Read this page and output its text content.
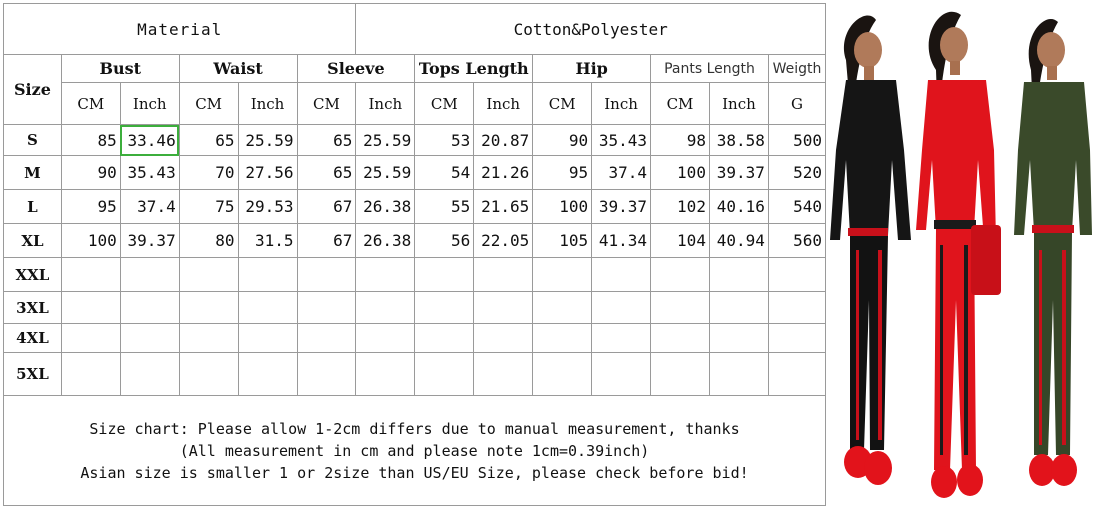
Material						Cotton&Polyester							
Size	Bust		Waist		Sleeve		Tops Length		Hip		Pants Length		Weigth
	CM	Inch	CM	Inch	CM	Inch	CM	Inch	CM	Inch	CM	Inch	G
S	85	33.46	65	25.59	65	25.59	53	20.87	90	35.43	98	38.58	500
M	90	35.43	70	27.56	65	25.59	54	21.26	95	37.4	100	39.37	520
L	95	37.4	75	29.53	67	26.38	55	21.65	100	39.37	102	40.16	540
XL	100	39.37	80	31.5	67	26.38	56	22.05	105	41.34	104	40.94	560
XXL													
3XL													
4XL													
5XL													

Size chart: Please allow 1-2cm differs due to manual measurement, thanks
(All measurement in cm and please note 1cm=0.39inch)
Asian size is smaller 1 or 2size than US/EU Size, please check before bid!													
